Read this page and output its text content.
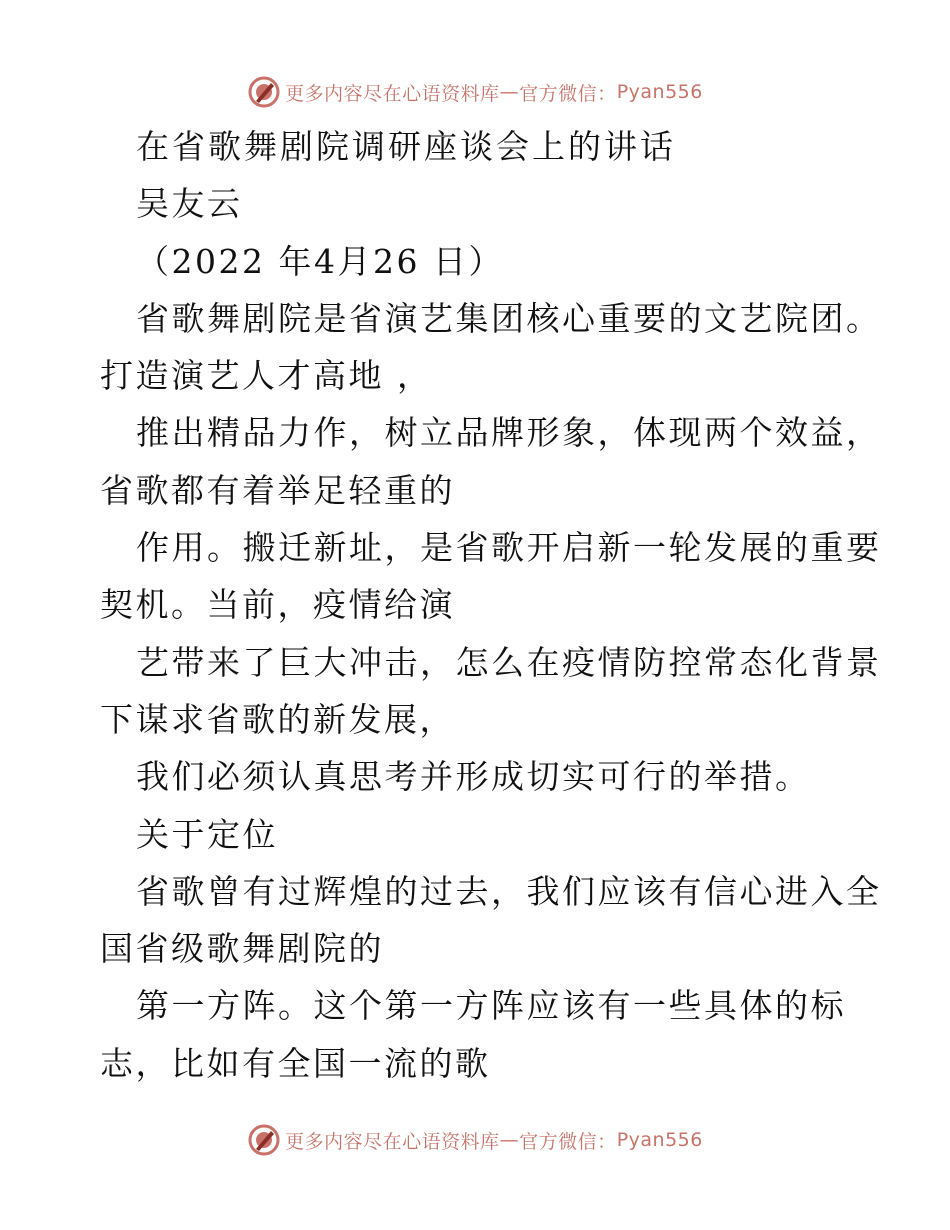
更多内容尽在心语资料库 — 官方微信： Pyan556
在省歌舞剧院调研座谈会上的讲话
吴友云
（2022 年4月26 日）
省歌舞剧院是省演艺集团核心重要的文艺院团。
打造演艺人才高地 ，
推出精品力作，树立品牌形象，体现两个效益，
省歌都有着举足轻重的
作用。搬迁新址，是省歌开启新一轮发展的重要
契机。当前，疫情给演
艺带来了巨大冲击，怎么在疫情防控常态化背景
下谋求省歌的新发展，
我们必须认真思考并形成切实可行的举措。
关于定位
省歌曾有过辉煌的过去，我们应该有信心进入全
国省级歌舞剧院的
第一方阵。这个第一方阵应该有一些具体的标
志，比如有全国一流的歌
更多内容尽在心语资料库 — 官方微信： Pyan556
